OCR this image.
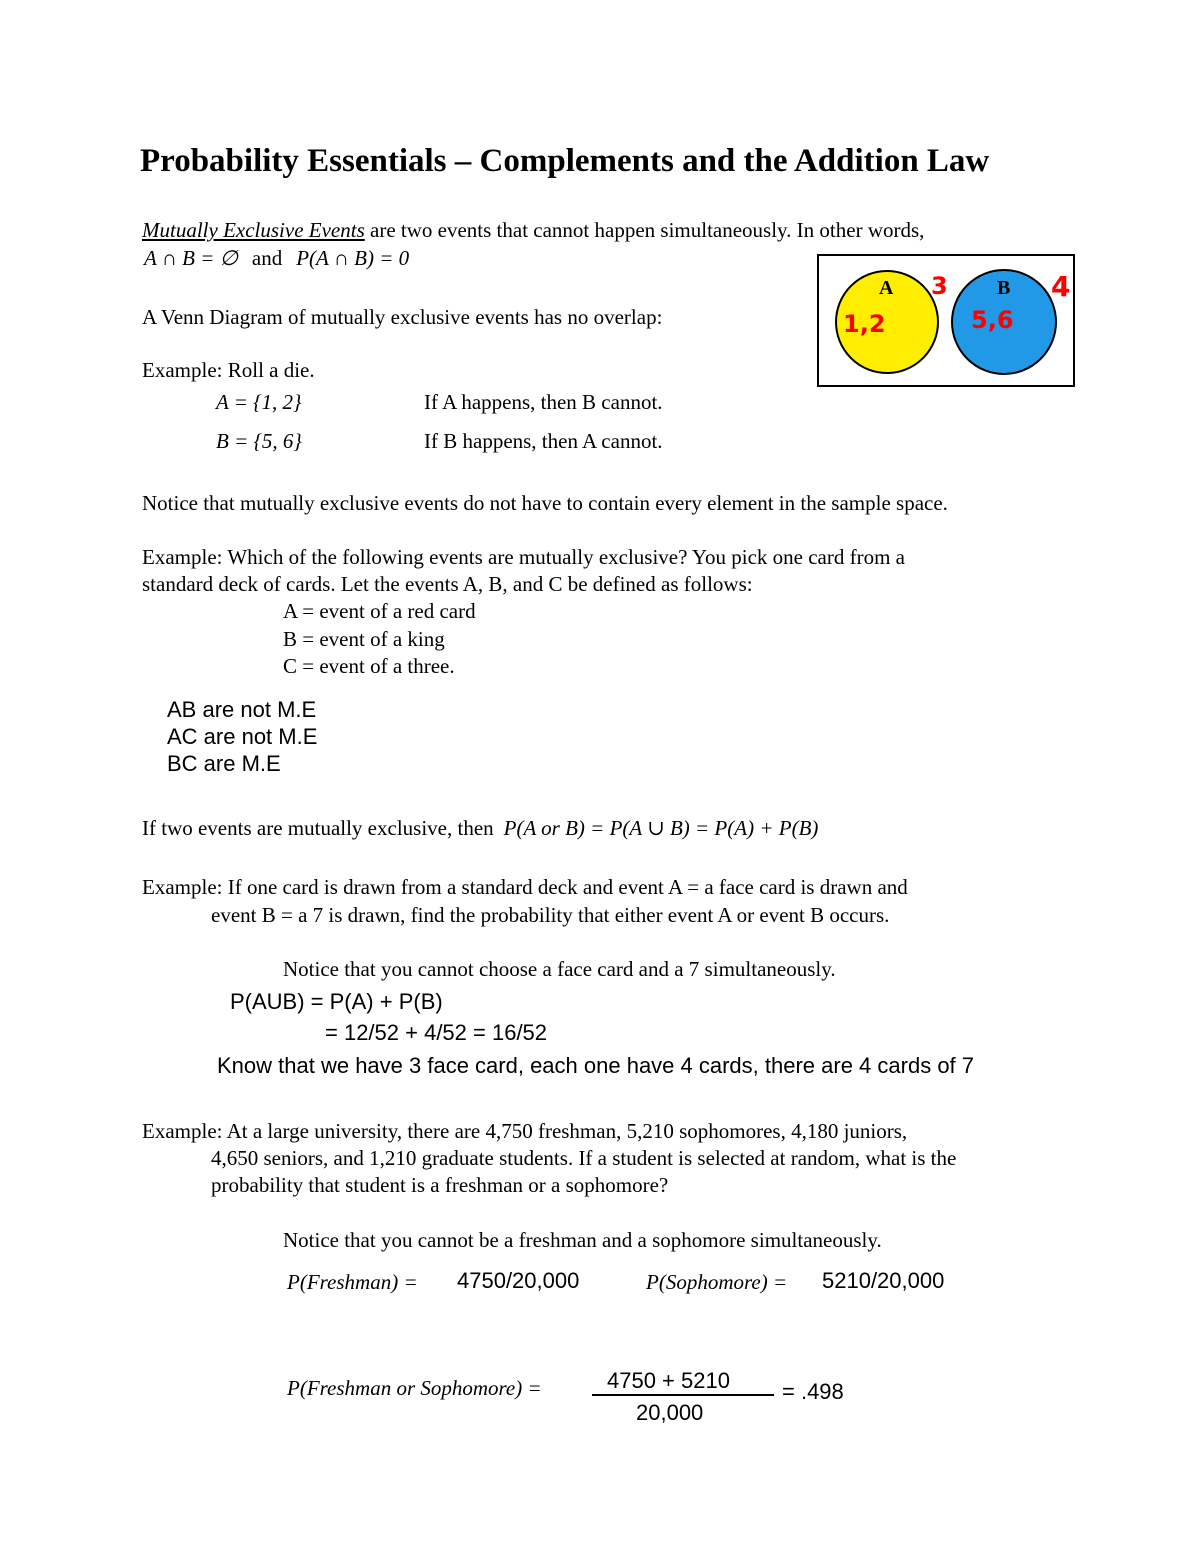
Probability Essentials – Complements and the Addition Law
Mutually Exclusive Events are two events that cannot happen simultaneously. In other words,
A ∩ B = ∅ and P(A ∩ B) = 0
A Venn Diagram of mutually exclusive events has no overlap:
A	B
1,2	5,6
3	4
Example: Roll a die.
A = {1, 2}	If A happens, then B cannot.
B = {5, 6}	If B happens, then A cannot.
Notice that mutually exclusive events do not have to contain every element in the sample space.
Example: Which of the following events are mutually exclusive? You pick one card from a
standard deck of cards. Let the events A, B, and C be defined as follows:
A = event of a red card
B = event of a king
C = event of a three.
AB are not M.E
AC are not M.E
BC are M.E
If two events are mutually exclusive, then P(A or B) = P(A ∪ B) = P(A) + P(B)
Example: If one card is drawn from a standard deck and event A = a face card is drawn and
event B = a 7 is drawn, find the probability that either event A or event B occurs.
Notice that you cannot choose a face card and a 7 simultaneously.
P(AUB) = P(A) + P(B)
= 12/52 + 4/52 = 16/52
Know that we have 3 face card, each one have 4 cards, there are 4 cards of 7
Example: At a large university, there are 4,750 freshman, 5,210 sophomores, 4,180 juniors,
4,650 seniors, and 1,210 graduate students. If a student is selected at random, what is the
probability that student is a freshman or a sophomore?
Notice that you cannot be a freshman and a sophomore simultaneously.
P(Freshman) = 4750/20,000	P(Sophomore) = 5210/20,000
P(Freshman or Sophomore) =	4750 + 5210
20,000
= .498
